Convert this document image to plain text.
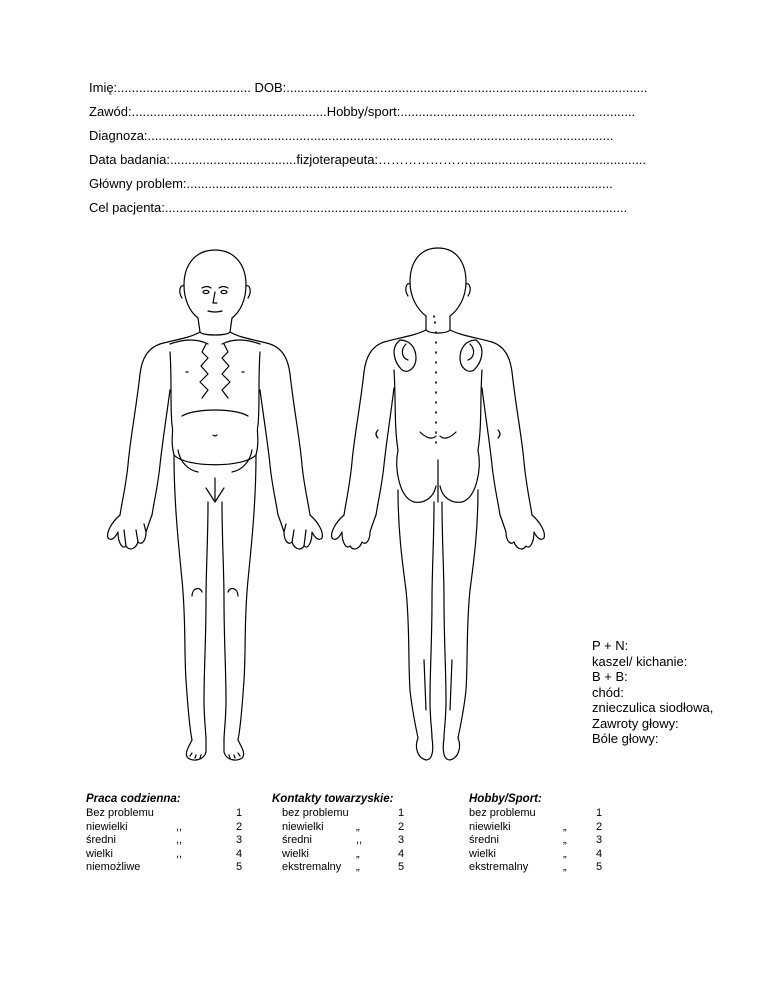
Imię:..................................... DOB:....................................................................................................
Zawód:......................................................Hobby/sport:.................................................................
Diagnoza:.................................................................................................................................
Data badania:...................................fizjoterapeuta:………………….................................................
Główny problem:......................................................................................................................
Cel pacjenta:................................................................................................................................
P + N:
kaszel/ kichanie:
B + B:
chód:
znieczulica siodłowa,
Zawroty głowy:
Bóle głowy:
Praca codzienna:
Bez problemu	1
niewielki	,,	2
średni	,,	3
wielki	,,	4
niemożliwe	5
Kontakty towarzyskie:
bez problemu	1
niewielki	„	2
średni	,,	3
wielki	„	4
ekstremalny „	5
Hobby/Sport:
bez problemu	1
niewielki	„	2
średni	„	3
wielki	„	4
ekstremalny	„	5
